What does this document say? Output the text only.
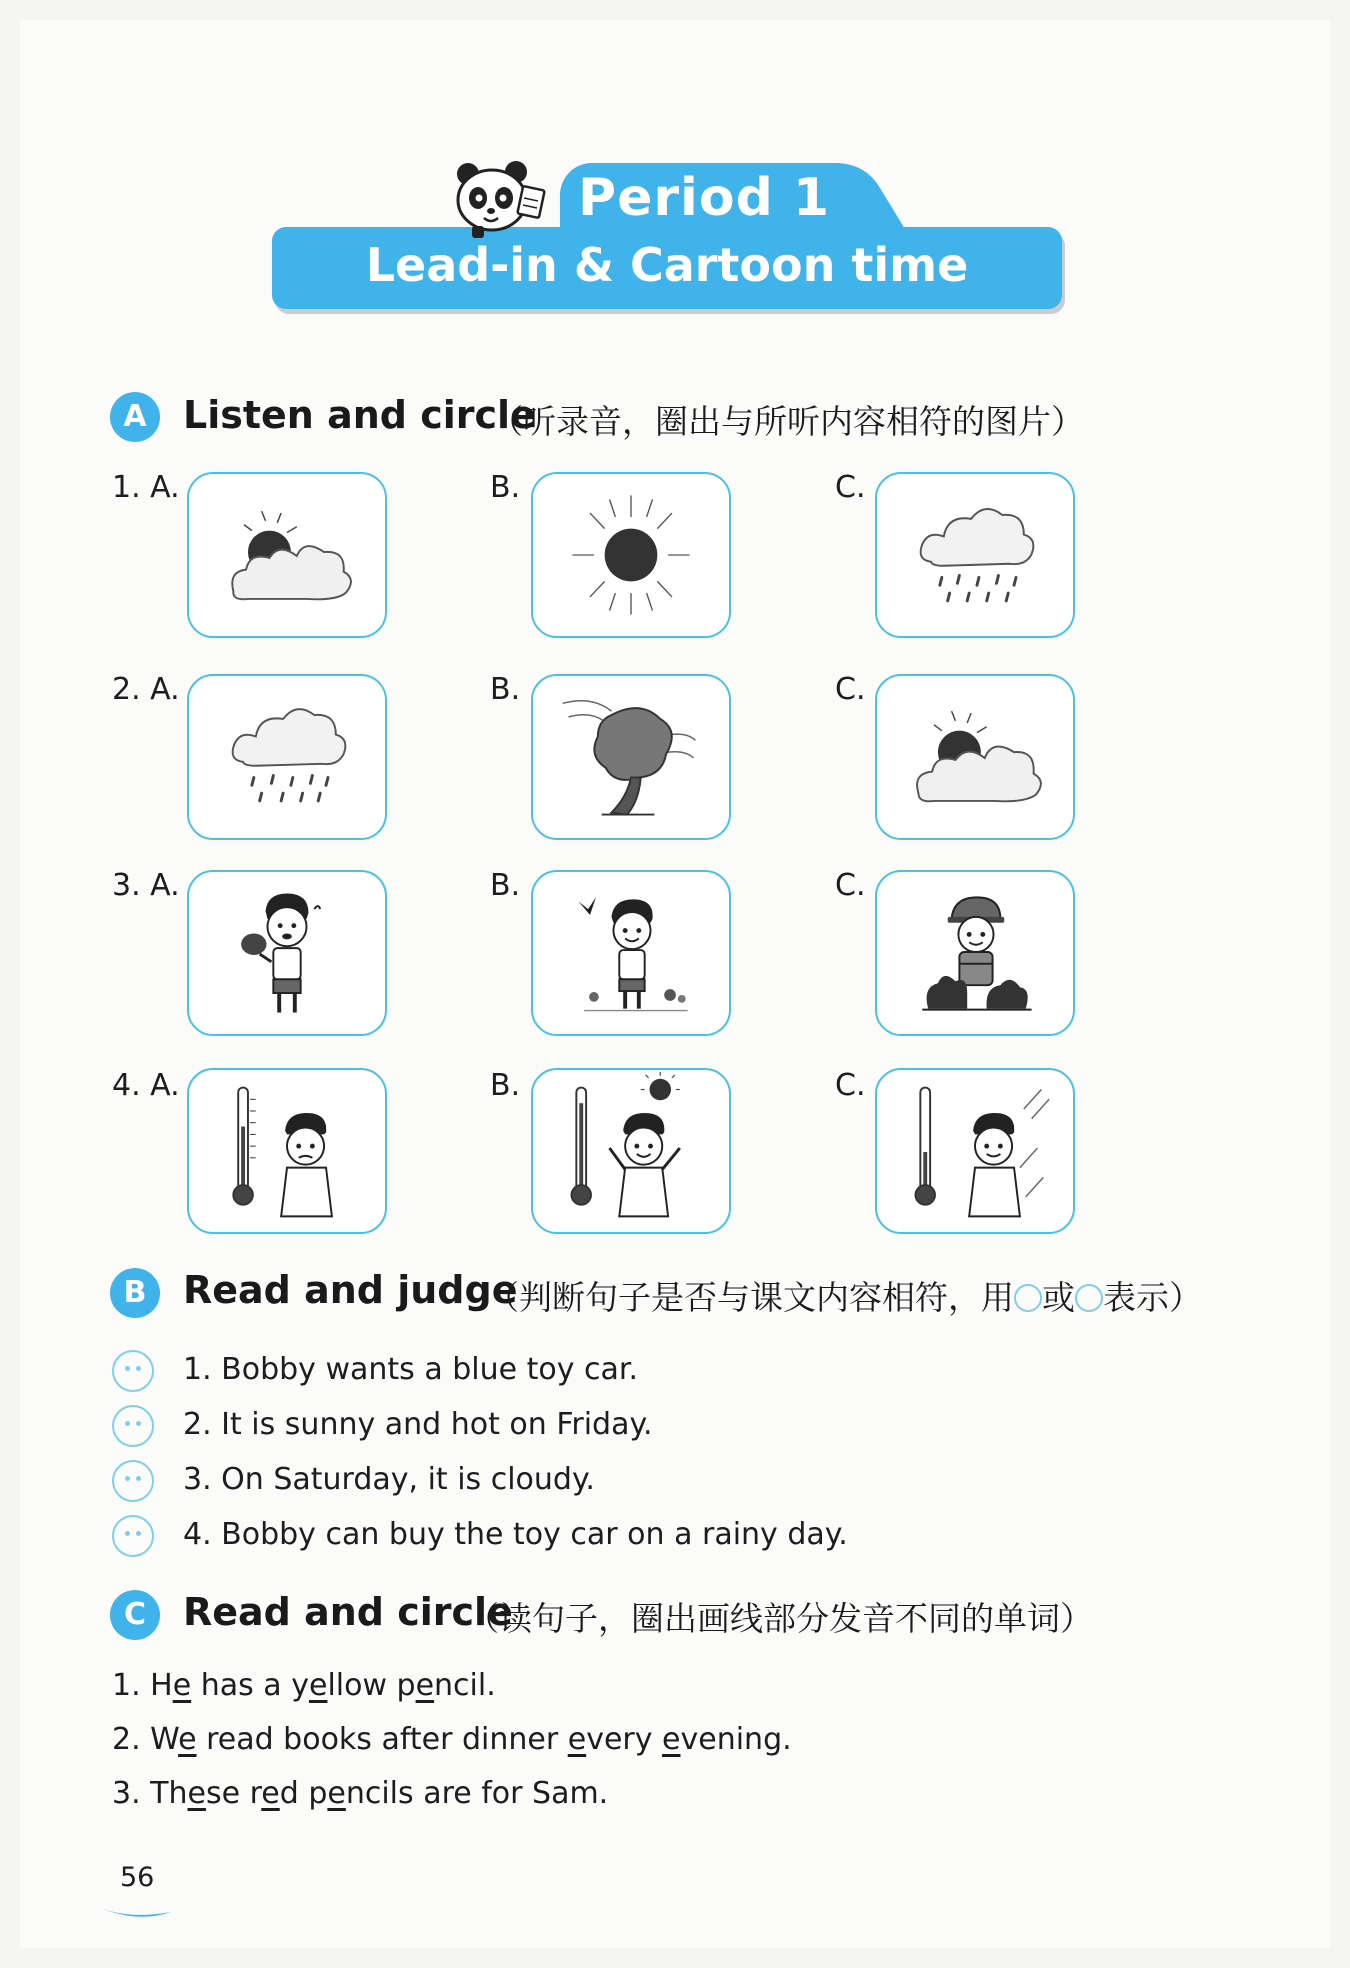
Period 1
Lead-in & Cartoon time
A Listen and circle
（听录音，圈出与所听内容相符的图片）
1. A.	B.	C.
2. A.	B.	C.
3. A.	B.	C.
4. A.	B.	C.
B Read and judge
（判断句子是否与课文内容相符，用 或 表示）
1. Bobby wants a blue toy car.
2. It is sunny and hot on Friday.
3. On Saturday, it is cloudy.
4. Bobby can buy the toy car on a rainy day.
C Read and circle
（读句子，圈出画线部分发音不同的单词）
1. He has a yellow pencil.
2. We read books after dinner every evening.
3. These red pencils are for Sam.
56
